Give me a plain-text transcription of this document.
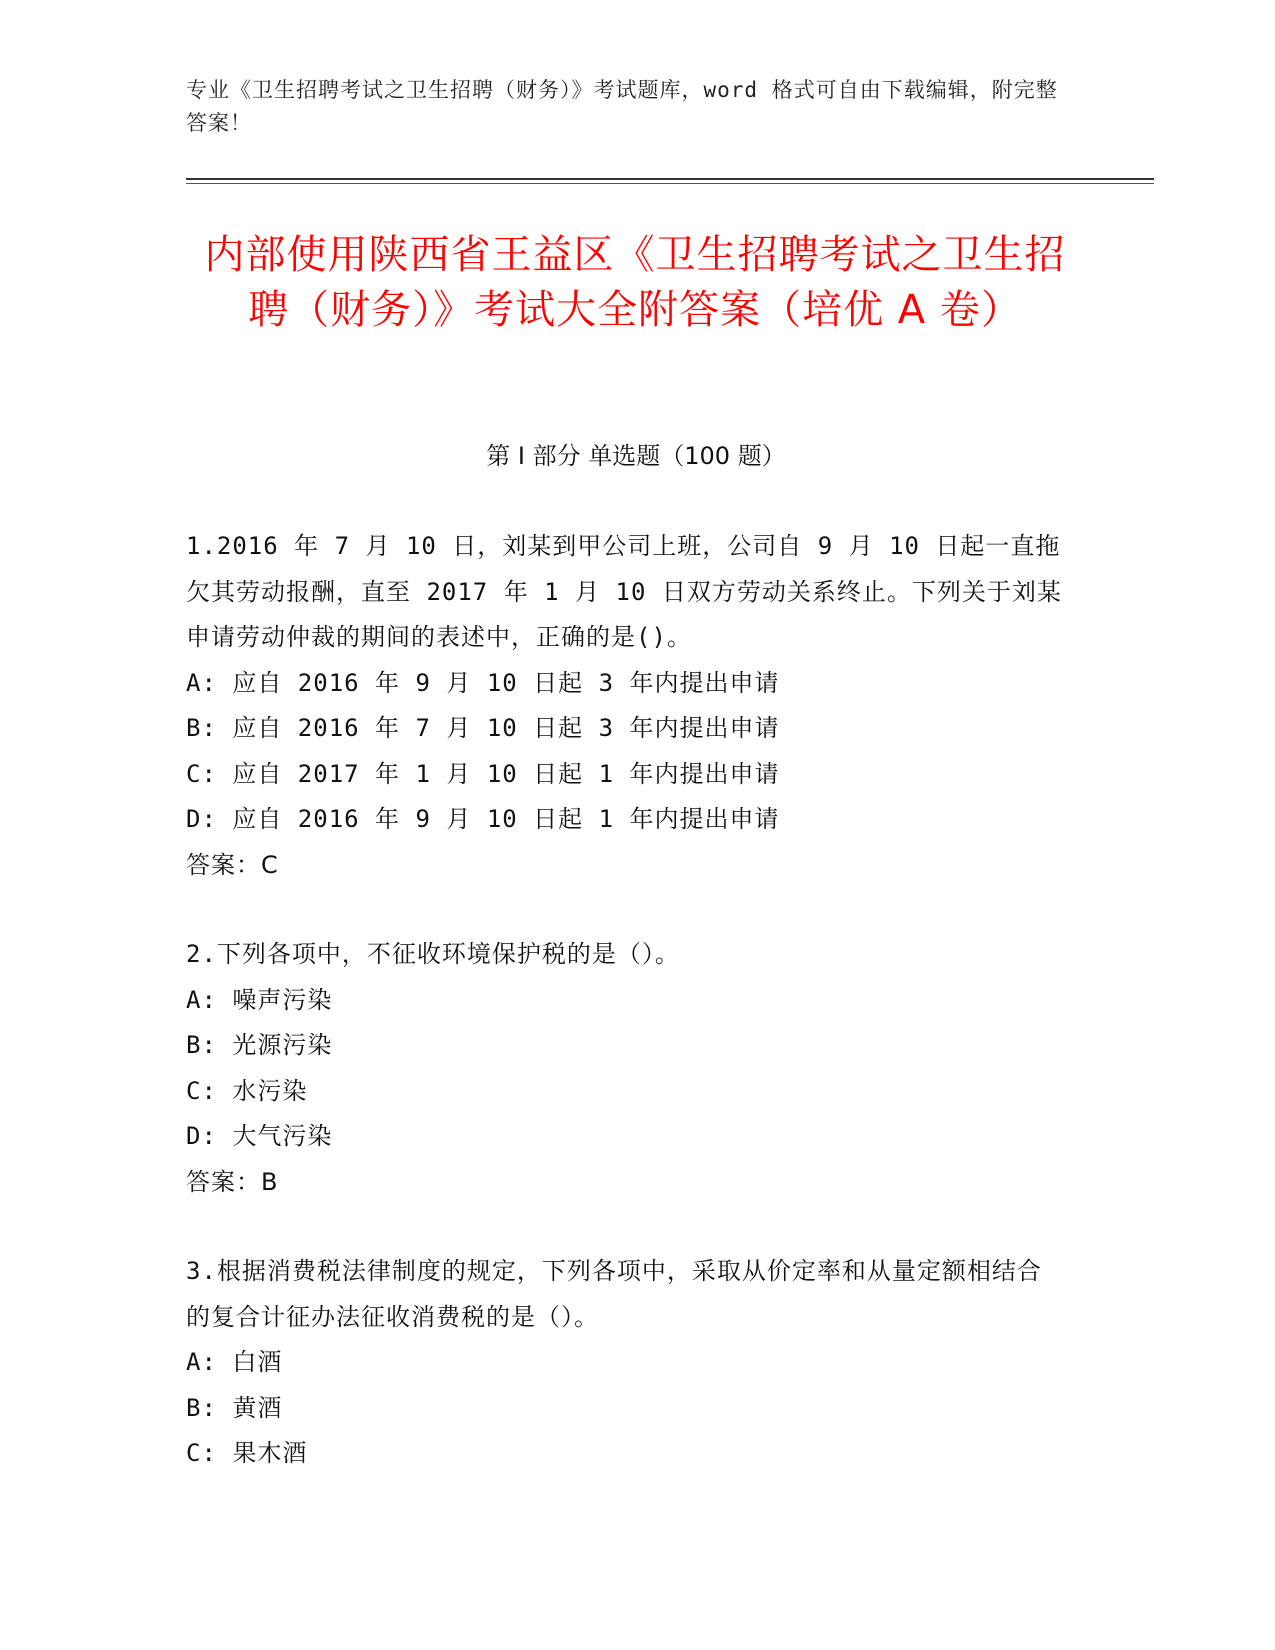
专业《卫生招聘考试之卫生招聘（财务）》考试题库，word 格式可自由下载编辑，附完整答案！
内部使用陕西省王益区《卫生招聘考试之卫生招聘（财务）》考试大全附答案（培优 A 卷）
第 I 部分 单选题（100 题）
1.2016 年 7 月 10 日，刘某到甲公司上班，公司自 9 月 10 日起一直拖欠其劳动报酬，直至 2017 年 1 月 10 日双方劳动关系终止。下列关于刘某申请劳动仲裁的期间的表述中，正确的是()。
A: 应自 2016 年 9 月 10 日起 3 年内提出申请
B: 应自 2016 年 7 月 10 日起 3 年内提出申请
C: 应自 2017 年 1 月 10 日起 1 年内提出申请
D: 应自 2016 年 9 月 10 日起 1 年内提出申请
答案：C
2.下列各项中，不征收环境保护税的是（）。
A: 噪声污染
B: 光源污染
C: 水污染
D: 大气污染
答案：B
3.根据消费税法律制度的规定，下列各项中，采取从价定率和从量定额相结合的复合计征办法征收消费税的是（）。
A: 白酒
B: 黄酒
C: 果木酒
